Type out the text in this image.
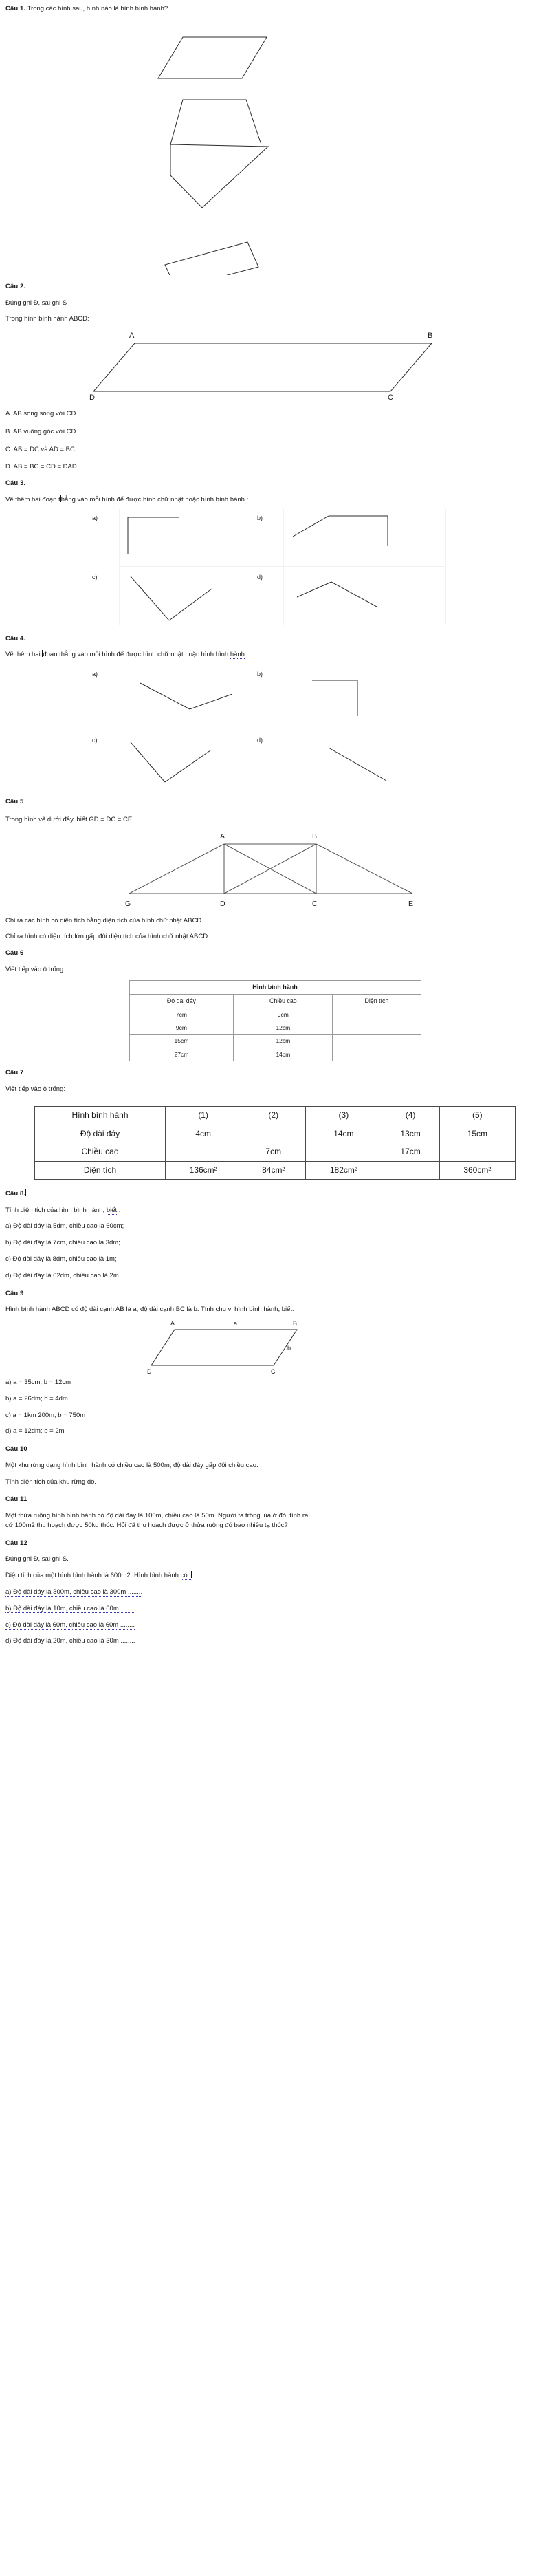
Câu 1. Trong các hình sau, hình nào là hình bình hành?
Câu 2.
Đúng ghi Đ, sai ghi S
Trong hình bình hành ABCD:
A	B
C
D
A. AB song song với CD .......
B. AB vuông góc với CD .......
C. AB = DC và AD = BC .......
D. AB = BC = CD = DAD.......
Câu 3.
Vẽ thêm hai đoạn thẳng vào mỗi hình để được hình chữ nhật hoặc hình bình hành :
a)	b)
c)	d)
Câu 4.
Vẽ thêm hai đoạn thẳng vào mỗi hình để được hình chữ nhật hoặc hình bình hành :
a)	b)
c)	d)
Câu 5
Trong hình vẽ dưới đây, biết GD = DC = CE.
A	B
G	D	C	E
Chỉ ra các hình có diện tích bằng diện tích của hình chữ nhật ABCD.
Chỉ ra hình có diện tích lớn gấp đôi diện tích của hình chữ nhật ABCD
Câu 6
Viết tiếp vào ô trống:
Hình bình hành		
Độ dài đáy	Chiều cao	Diện tích
7cm	9cm	
9cm	12cm	
15cm	12cm	
27cm	14cm	
Câu 7
Viết tiếp vào ô trống:
Hình bình hành	(1)	(2)	(3)	(4)	(5)
Độ dài đáy	4cm		14cm	13cm	15cm
Chiều cao		7cm		17cm	
Diện tích	136cm²	84cm²	182cm²		360cm²
Câu 8.
Tính diện tích của hình bình hành, biết :
a) Độ dài đáy là 5dm, chiều cao là 60cm;
b) Độ dài đáy là 7cm, chiều cao là 3dm;
c) Độ dài đáy là 8dm, chiều cao là 1m;
d) Độ dài đáy là 62dm, chiều cao là 2m.
Câu 9
Hình bình hành ABCD có độ dài cạnh AB là a, độ dài cạnh BC là b. Tính chu vi hình bình hành, biết:
A	B
C
D
a
b
a) a = 35cm; b = 12cm
b) a = 26dm; b = 4dm
c) a = 1km 200m; b = 750m
d) a = 12dm; b = 2m
Câu 10
Một khu rừng dạng hình bình hành có chiều cao là 500m, độ dài đáy gấp đôi chiều cao.
Tính diện tích của khu rừng đó.
Câu 11
Một thửa ruộng hình bình hành có độ dài đáy là 100m, chiều cao là 50m. Người ta trồng lúa ở đó, tính ra
cứ 100m2 thu hoạch được 50kg thóc. Hỏi đã thu hoạch được ở thửa ruộng đó bao nhiêu tạ thóc?
Câu 12
Đúng ghi Đ, sai ghi S.
Diện tích của một hình bình hành là 600m2. Hình bình hành có :
a) Độ dài đáy là 300m, chiều cao là 300m ........
b) Độ dài đáy là 10m, chiều cao là 60m ........
c) Độ dài đáy là 60m, chiều cao là 60m ........
d) Độ dài đáy là 20m, chiều cao là 30m ........
